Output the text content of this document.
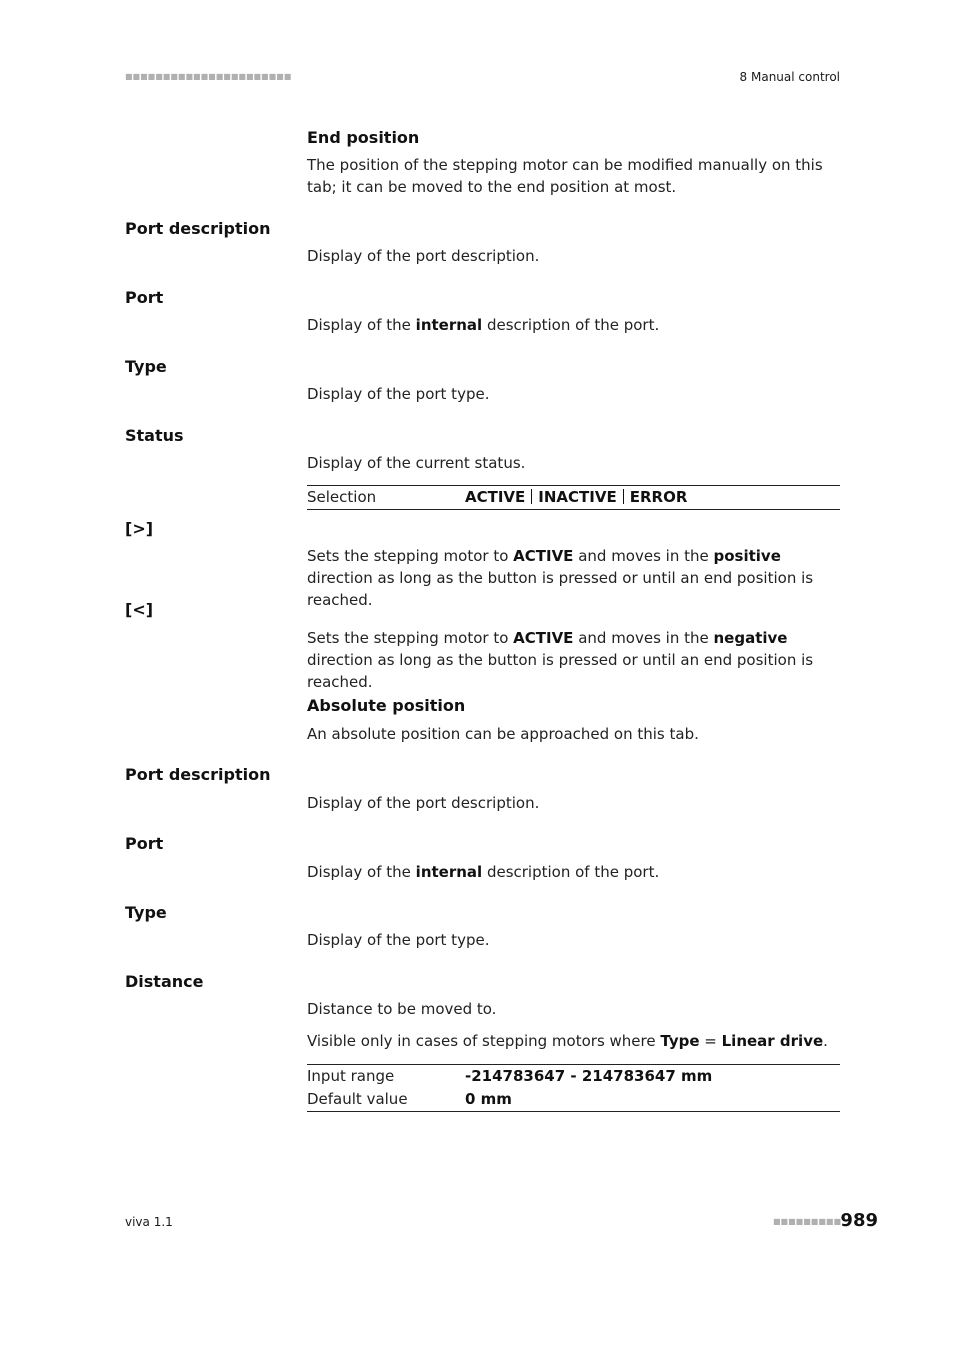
■■■■■■■■■■■■■■■■■■■■■■	8 Manual control
End position
The position of the stepping motor can be modified manually on this tab; it can be moved to the end position at most.
Port description
Display of the port description.
Port
Display of the internal description of the port.
Type
Display of the port type.
Status
Display of the current status.
Selection	ACTIVE INACTIVE ERROR
[>]
Sets the stepping motor to ACTIVE and moves in the positive direction as long as the button is pressed or until an end position is reached.
[<]
Sets the stepping motor to ACTIVE and moves in the negative direction as long as the button is pressed or until an end position is reached.
Absolute position
An absolute position can be approached on this tab.
Port description
Display of the port description.
Port
Display of the internal description of the port.
Type
Display of the port type.
Distance
Distance to be moved to.
Visible only in cases of stepping motors where Type = Linear drive.
Input range	-214783647 - 214783647 mm
Default value	0 mm
viva 1.1	■■■■■■■■■ 989
